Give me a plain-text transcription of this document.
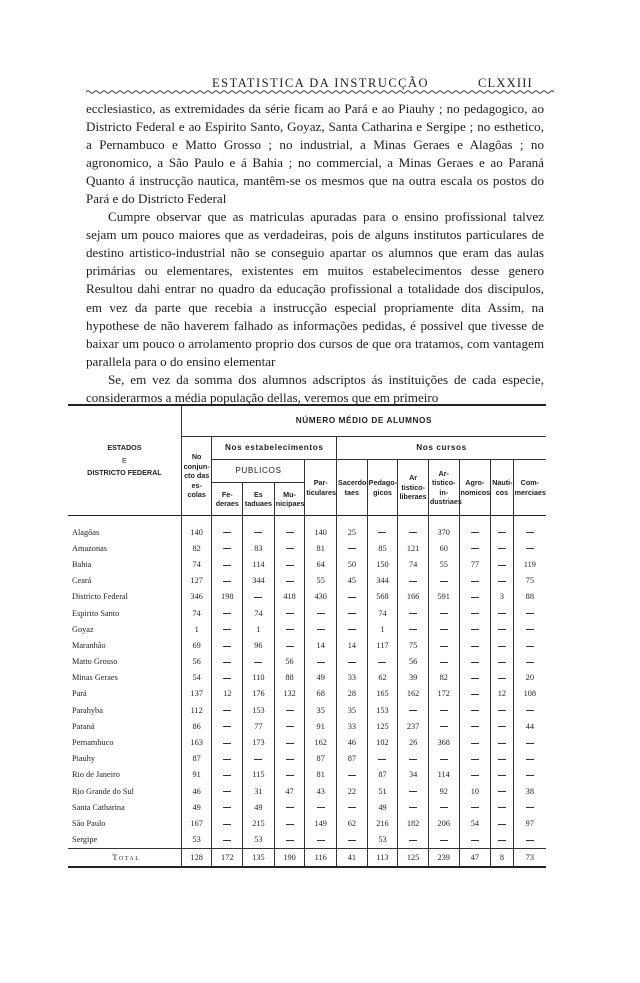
ESTATISTICA DA INSTRUCÇÃO	CLXXIII

ecclesiastico, as extremidades da série ficam ao Pará e ao Piauhy ; no pedagogico, ao Districto Federal e ao Espirito Santo, Goyaz, Santa Catharina e Sergipe ; no esthetico, a Pernambuco e Matto Grosso ; no industrial, a Minas Geraes e Alagôas ; no agronomico, a São Paulo e á Bahia ; no commercial, a Minas Geraes e ao Paraná Quanto á instrucção nautica, mantêm-se os mesmos que na outra escala os postos do Pará e do Districto Federal

Cumpre observar que as matriculas apuradas para o ensino profissional talvez sejam um pouco maiores que as verdadeiras, pois de alguns institutos particulares de destino artistico-industrial não se conseguio apartar os alumnos que eram das aulas primárias ou elementares, existentes em muitos estabelecimentos desse genero Resultou dahi entrar no quadro da educação profissional a totalidade dos discipulos, em vez da parte que recebia a instrucção especial propriamente dita Assim, na hypothese de não haverem falhado as informações pedidas, é possivel que tivesse de baixar um pouco o arrolamento proprio dos cursos de que ora tratamos, com vantagem parallela para o do ensino elementar

Se, em vez da somma dos alumnos adscriptos ás instituições de cada especie, considerarmos a média população dellas, veremos que em primeiro

ESTADOS
E
DISTRICTO FEDERAL	NÚMERO MÉDIO DE ALUMNOS											
	No conjun-cto das es-colas	Nos estabelecimentos				Nos cursos						
		PUBLICOS			Par-ticulares	Sacerdo-taes	Pedago-gicos	Ar tistico-liberaes	Ar-tistico-in-dustriaes	Agro-nomicos	Nauti-cos	Com-merciaes
		Fe-deraes	Es taduaes	Mu-nicipaes								

Alagôas	140				140	25			370			
Amazonas	82		83		81		85	121	60			
Bahia	74		114		64	50	150	74	55	77		119
Ceará	127		344		55	45	344					75
Districto Federal	346	198		418	430		568	166	591		3	88
Espirito Santo	74		74				74					
Goyaz	1		1				1					
Maranhão	69		96		14	14	117	75				
Matto Grosso	56			56				56				
Minas Geraes	54		110	88	49	33	62	39	82			20
Pará	137	12	176	132	68	28	165	162	172		12	108
Parahyba	112		153		35	35	153					
Paraná	86		77		91	33	125	237				44
Pernambuco	163		173		162	46	102	26	368			
Piauhy	87				87	87						
Rio de Janeiro	91		115		81		87	34	114			
Rio Grande do Sul	46		31	47	43	22	51		92	10		38
Santa Catharina	49		49				49					
São Paulo	167		215		149	62	216	182	206	54		97
Sergipe	53		53				53					
Total	128	172	135	190	116	41	113	125	239	47	8	73
